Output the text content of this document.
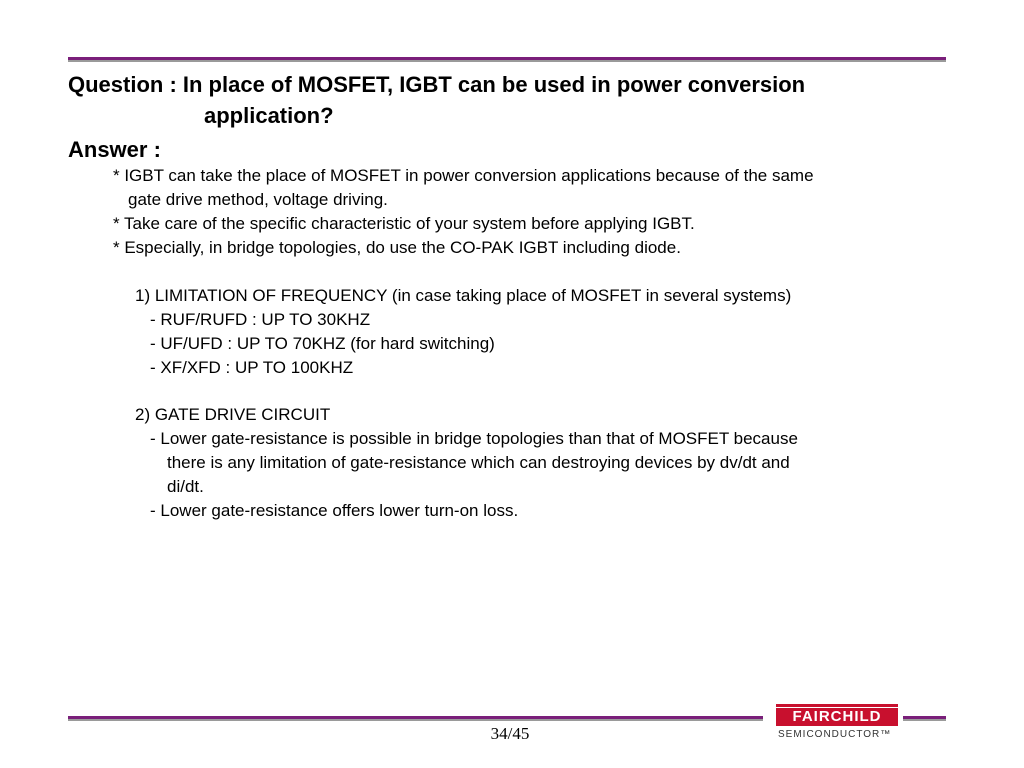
Question : In place of MOSFET, IGBT can be used in power conversion
application?
Answer :
* IGBT can take the place of MOSFET in power conversion applications because of the same
gate drive method, voltage driving.
* Take care of the specific characteristic of your system before applying IGBT.
* Especially, in bridge topologies, do use the CO-PAK IGBT including diode.
1) LIMITATION OF FREQUENCY (in case taking place of MOSFET in several systems)
- RUF/RUFD : UP TO 30KHZ
- UF/UFD : UP TO 70KHZ (for hard switching)
- XF/XFD : UP TO 100KHZ
2) GATE DRIVE CIRCUIT
- Lower gate-resistance is possible in bridge topologies than that of MOSFET because
there is any limitation of gate-resistance which can destroying devices by dv/dt and
di/dt.
- Lower gate-resistance offers lower turn-on loss.
34/45
FAIRCHILD
SEMICONDUCTOR™
